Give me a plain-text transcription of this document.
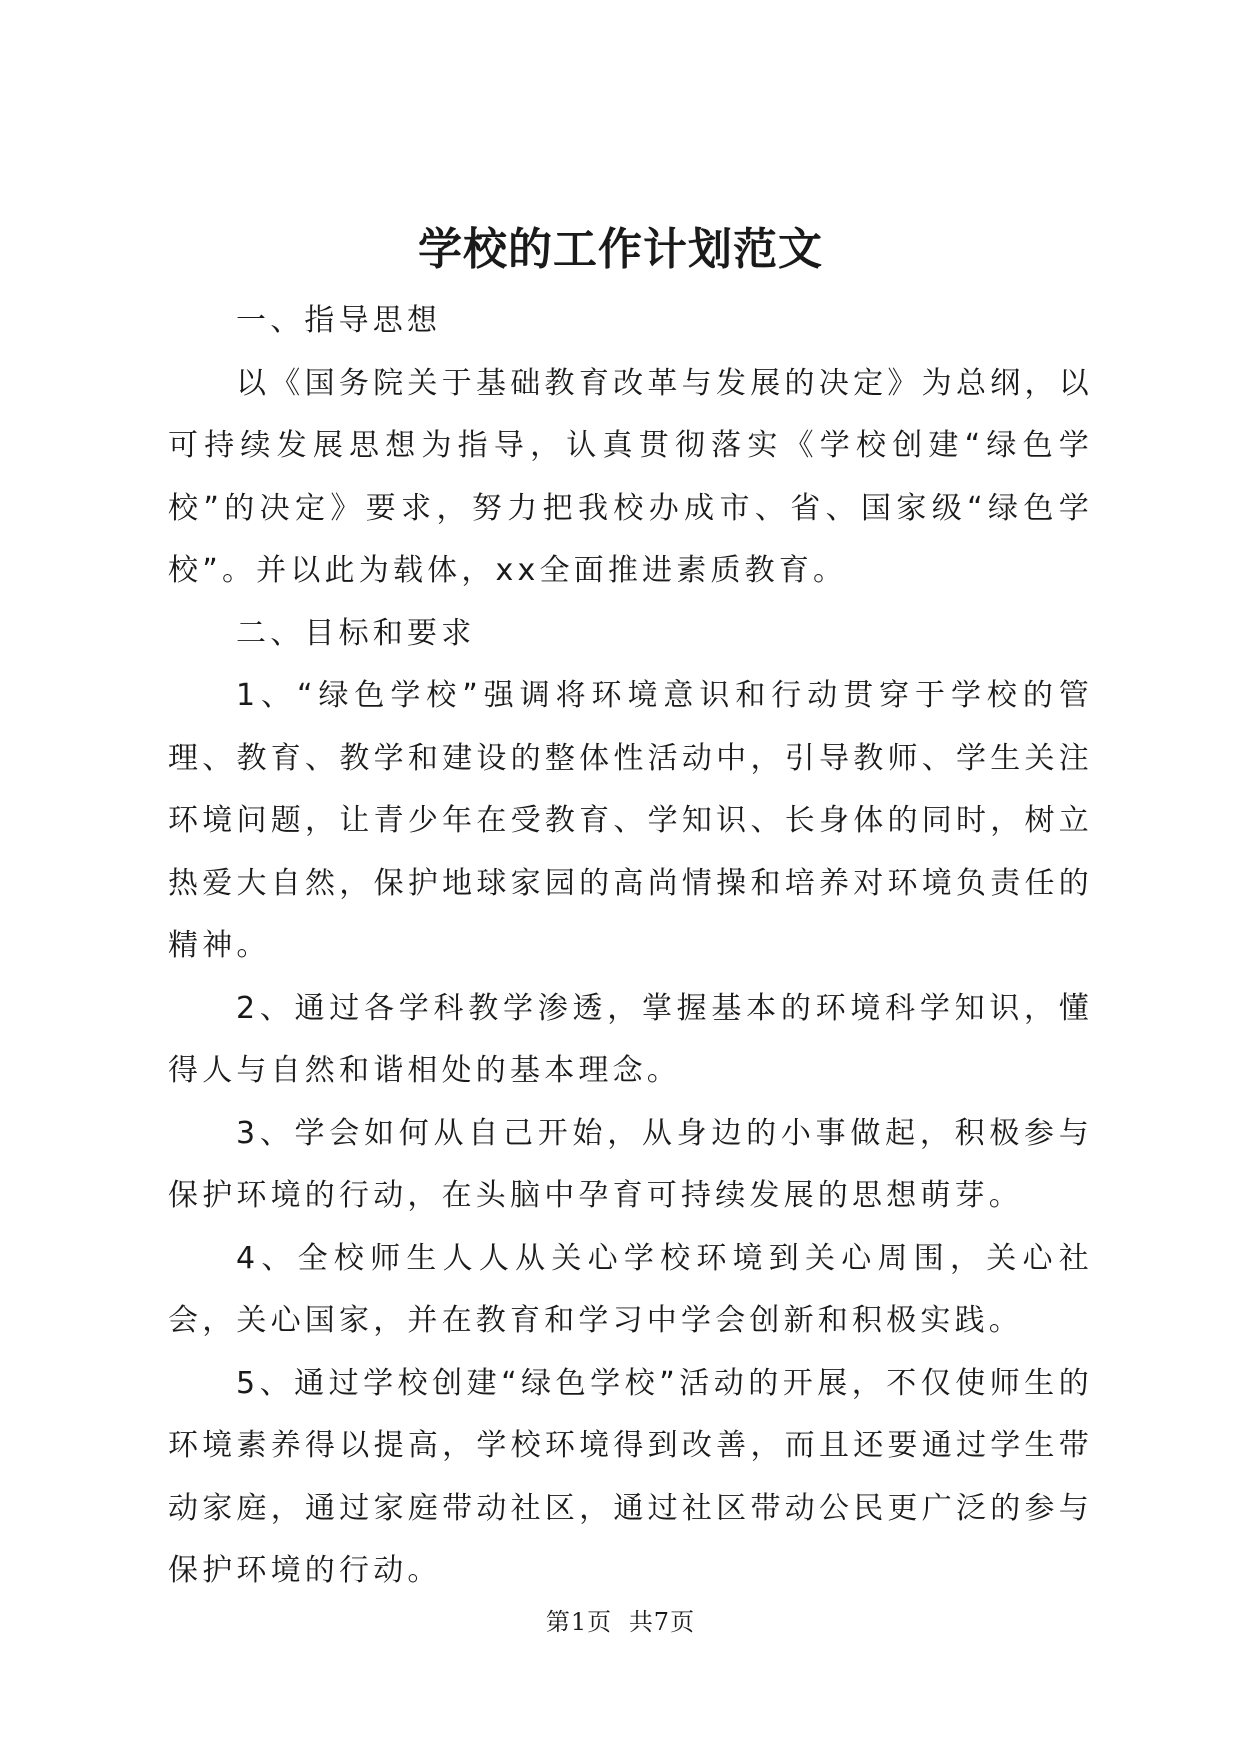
学校的工作计划范文

一、指导思想

以《国务院关于基础教育改革与发展的决定》为总纲，以可持续发展思想为指导，认真贯彻落实《学校创建“绿色学校”的决定》要求，努力把我校办成市、省、国家级“绿色学校”。并以此为载体，xx全面推进素质教育。

二、目标和要求

1、“绿色学校”强调将环境意识和行动贯穿于学校的管理、教育、教学和建设的整体性活动中，引导教师、学生关注环境问题，让青少年在受教育、学知识、长身体的同时，树立热爱大自然，保护地球家园的高尚情操和培养对环境负责任的精神。

2、通过各学科教学渗透，掌握基本的环境科学知识，懂得人与自然和谐相处的基本理念。

3、学会如何从自己开始，从身边的小事做起，积极参与保护环境的行动，在头脑中孕育可持续发展的思想萌芽。

4、全校师生人人从关心学校环境到关心周围，关心社会，关心国家，并在教育和学习中学会创新和积极实践。

5、通过学校创建“绿色学校”活动的开展，不仅使师生的环境素养得以提高，学校环境得到改善，而且还要通过学生带动家庭，通过家庭带动社区，通过社区带动公民更广泛的参与保护环境的行动。

第1页 共7页
